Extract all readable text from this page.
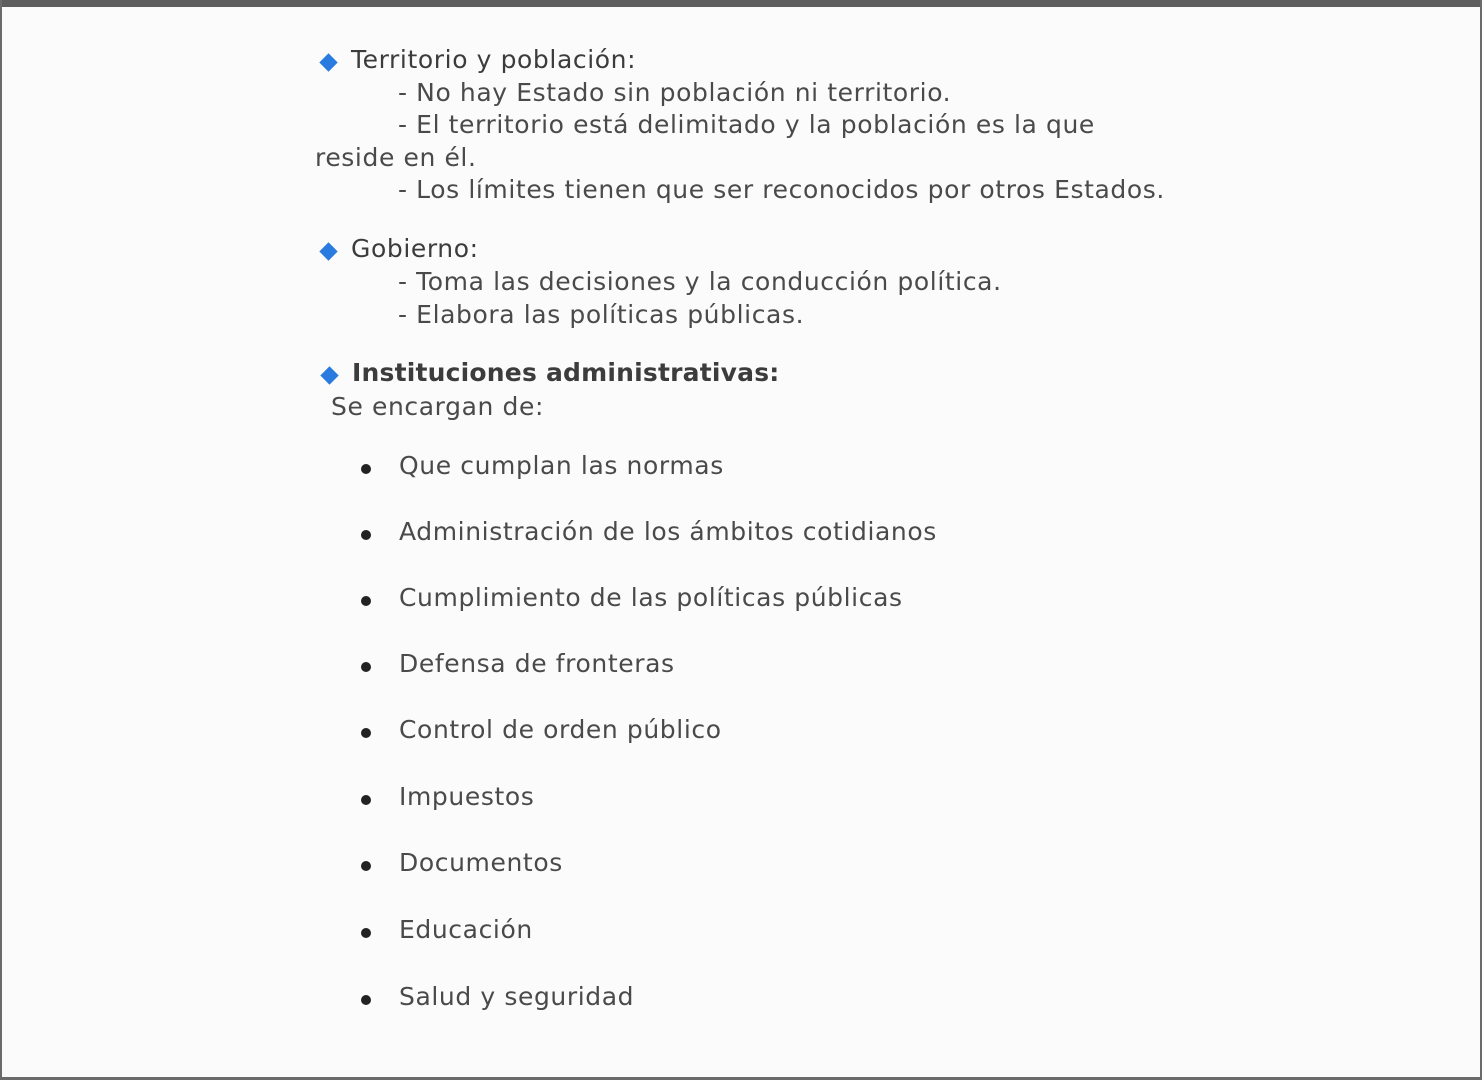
Territorio y población:
- No hay Estado sin población ni territorio.
- El territorio está delimitado y la población es la que
reside en él.
- Los límites tienen que ser reconocidos por otros Estados.
Gobierno:
- Toma las decisiones y la conducción política.
- Elabora las políticas públicas.
Instituciones administrativas:
Se encargan de:
Que cumplan las normas
Administración de los ámbitos cotidianos
Cumplimiento de las políticas públicas
Defensa de fronteras
Control de orden público
Impuestos
Documentos
Educación
Salud y seguridad
